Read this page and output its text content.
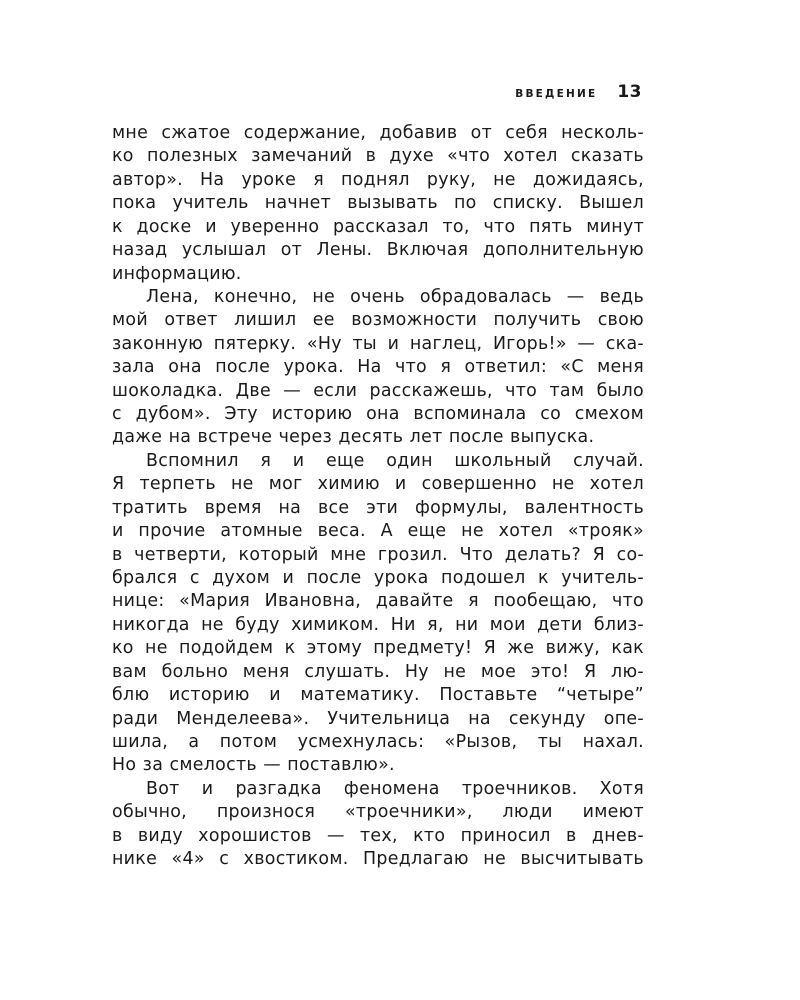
ВВЕДЕНИЕ 13
мне сжатое содержание, добавив от себя несколь-
ко полезных замечаний в духе «что хотел сказать
автор». На уроке я поднял руку, не дожидаясь,
пока учитель начнет вызывать по списку. Вышел
к доске и уверенно рассказал то, что пять минут
назад услышал от Лены. Включая дополнительную
информацию.
Лена, конечно, не очень обрадовалась — ведь
мой ответ лишил ее возможности получить свою
законную пятерку. «Ну ты и наглец, Игорь!» — ска-
зала она после урока. На что я ответил: «С меня
шоколадка. Две — если расскажешь, что там было
с дубом». Эту историю она вспоминала со смехом
даже на встрече через десять лет после выпуска.
Вспомнил я и еще один школьный случай.
Я терпеть не мог химию и совершенно не хотел
тратить время на все эти формулы, валентность
и прочие атомные веса. А еще не хотел «трояк»
в четверти, который мне грозил. Что делать? Я со-
брался с духом и после урока подошел к учитель-
нице: «Мария Ивановна, давайте я пообещаю, что
никогда не буду химиком. Ни я, ни мои дети близ-
ко не подойдем к этому предмету! Я же вижу, как
вам больно меня слушать. Ну не мое это! Я лю-
блю историю и математику. Поставьте “четыре”
ради Менделеева». Учительница на секунду опе-
шила, а потом усмехнулась: «Рызов, ты нахал.
Но за смелость — поставлю».
Вот и разгадка феномена троечников. Хотя
обычно, произнося «троечники», люди имеют
в виду хорошистов — тех, кто приносил в днев-
нике «4» с хвостиком. Предлагаю не высчитывать
